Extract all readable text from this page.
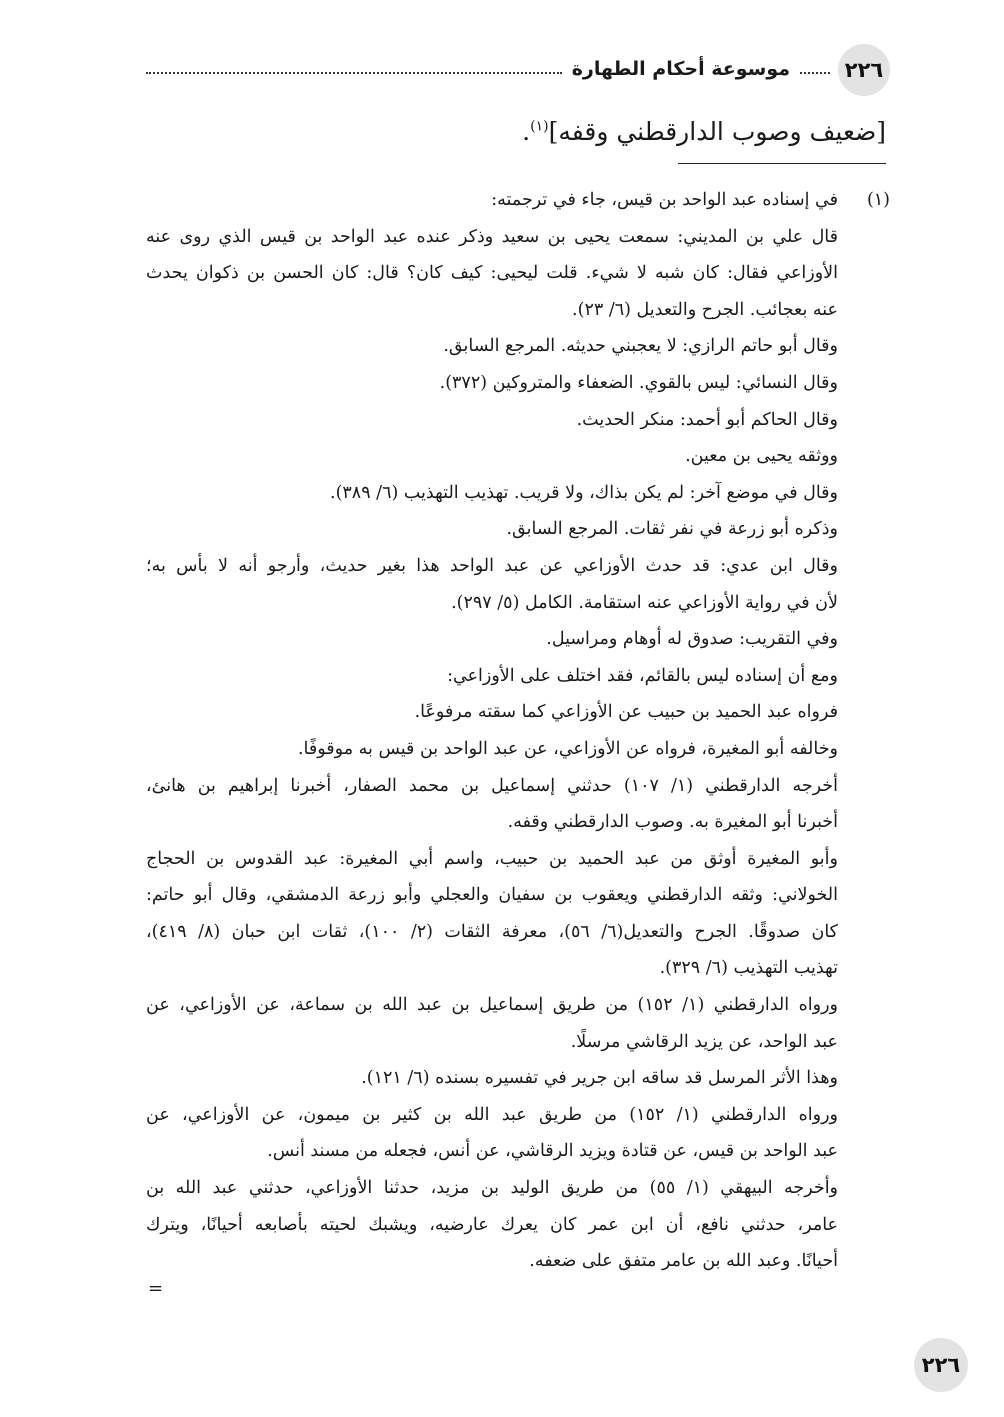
٢٢٦
موسوعة أحكام الطهارة
[ضعيف وصوب الدارقطني وقفه]$^{(١)}$.
(١)
في إسناده عبد الواحد بن قيس، جاء في ترجمته:
قال علي بن المديني: سمعت يحيى بن سعيد وذكر عنده عبد الواحد بن قيس الذي روى عنه
الأوزاعي فقال: كان شبه لا شيء. قلت ليحيى: كيف كان؟ قال: كان الحسن بن ذكوان يحدث
عنه بعجائب. الجرح والتعديل (٦/ ٢٣).
وقال أبو حاتم الرازي: لا يعجبني حديثه. المرجع السابق.
وقال النسائي: ليس بالقوي. الضعفاء والمتروكين (٣٧٢).
وقال الحاكم أبو أحمد: منكر الحديث.
ووثقه يحيى بن معين.
وقال في موضع آخر: لم يكن بذاك، ولا قريب. تهذيب التهذيب (٦/ ٣٨٩).
وذكره أبو زرعة في نفر ثقات. المرجع السابق.
وقال ابن عدي: قد حدث الأوزاعي عن عبد الواحد هذا بغير حديث، وأرجو أنه لا بأس به؛
لأن في رواية الأوزاعي عنه استقامة. الكامل (٥/ ٢٩٧).
وفي التقريب: صدوق له أوهام ومراسيل.
ومع أن إسناده ليس بالقائم، فقد اختلف على الأوزاعي:
فرواه عبد الحميد بن حبيب عن الأوزاعي كما سقته مرفوعًا.
وخالفه أبو المغيرة، فرواه عن الأوزاعي، عن عبد الواحد بن قيس به موقوفًا.
أخرجه الدارقطني (١/ ١٠٧) حدثني إسماعيل بن محمد الصفار، أخبرنا إبراهيم بن هانئ،
أخبرنا أبو المغيرة به. وصوب الدارقطني وقفه.
وأبو المغيرة أوثق من عبد الحميد بن حبيب، واسم أبي المغيرة: عبد القدوس بن الحجاج
الخولاني: وثقه الدارقطني ويعقوب بن سفيان والعجلي وأبو زرعة الدمشقي، وقال أبو حاتم:
كان صدوقًا. الجرح والتعديل(٦/ ٥٦)، معرفة الثقات (٢/ ١٠٠)، ثقات ابن حبان (٨/ ٤١٩)،
تهذيب التهذيب (٦/ ٣٢٩).
ورواه الدارقطني (١/ ١٥٢) من طريق إسماعيل بن عبد الله بن سماعة، عن الأوزاعي، عن
عبد الواحد، عن يزيد الرقاشي مرسلًا.
وهذا الأثر المرسل قد ساقه ابن جرير في تفسيره بسنده (٦/ ١٢١).
ورواه الدارقطني (١/ ١٥٢) من طريق عبد الله بن كثير بن ميمون، عن الأوزاعي، عن
عبد الواحد بن قيس، عن قتادة ويزيد الرقاشي، عن أنس، فجعله من مسند أنس.
وأخرجه البيهقي (١/ ٥٥) من طريق الوليد بن مزيد، حدثنا الأوزاعي، حدثني عبد الله بن
عامر، حدثني نافع، أن ابن عمر كان يعرك عارضيه، ويشبك لحيته بأصابعه أحيانًا، ويترك
أحيانًا. وعبد الله بن عامر متفق على ضعفه.
=
٢٢٦
